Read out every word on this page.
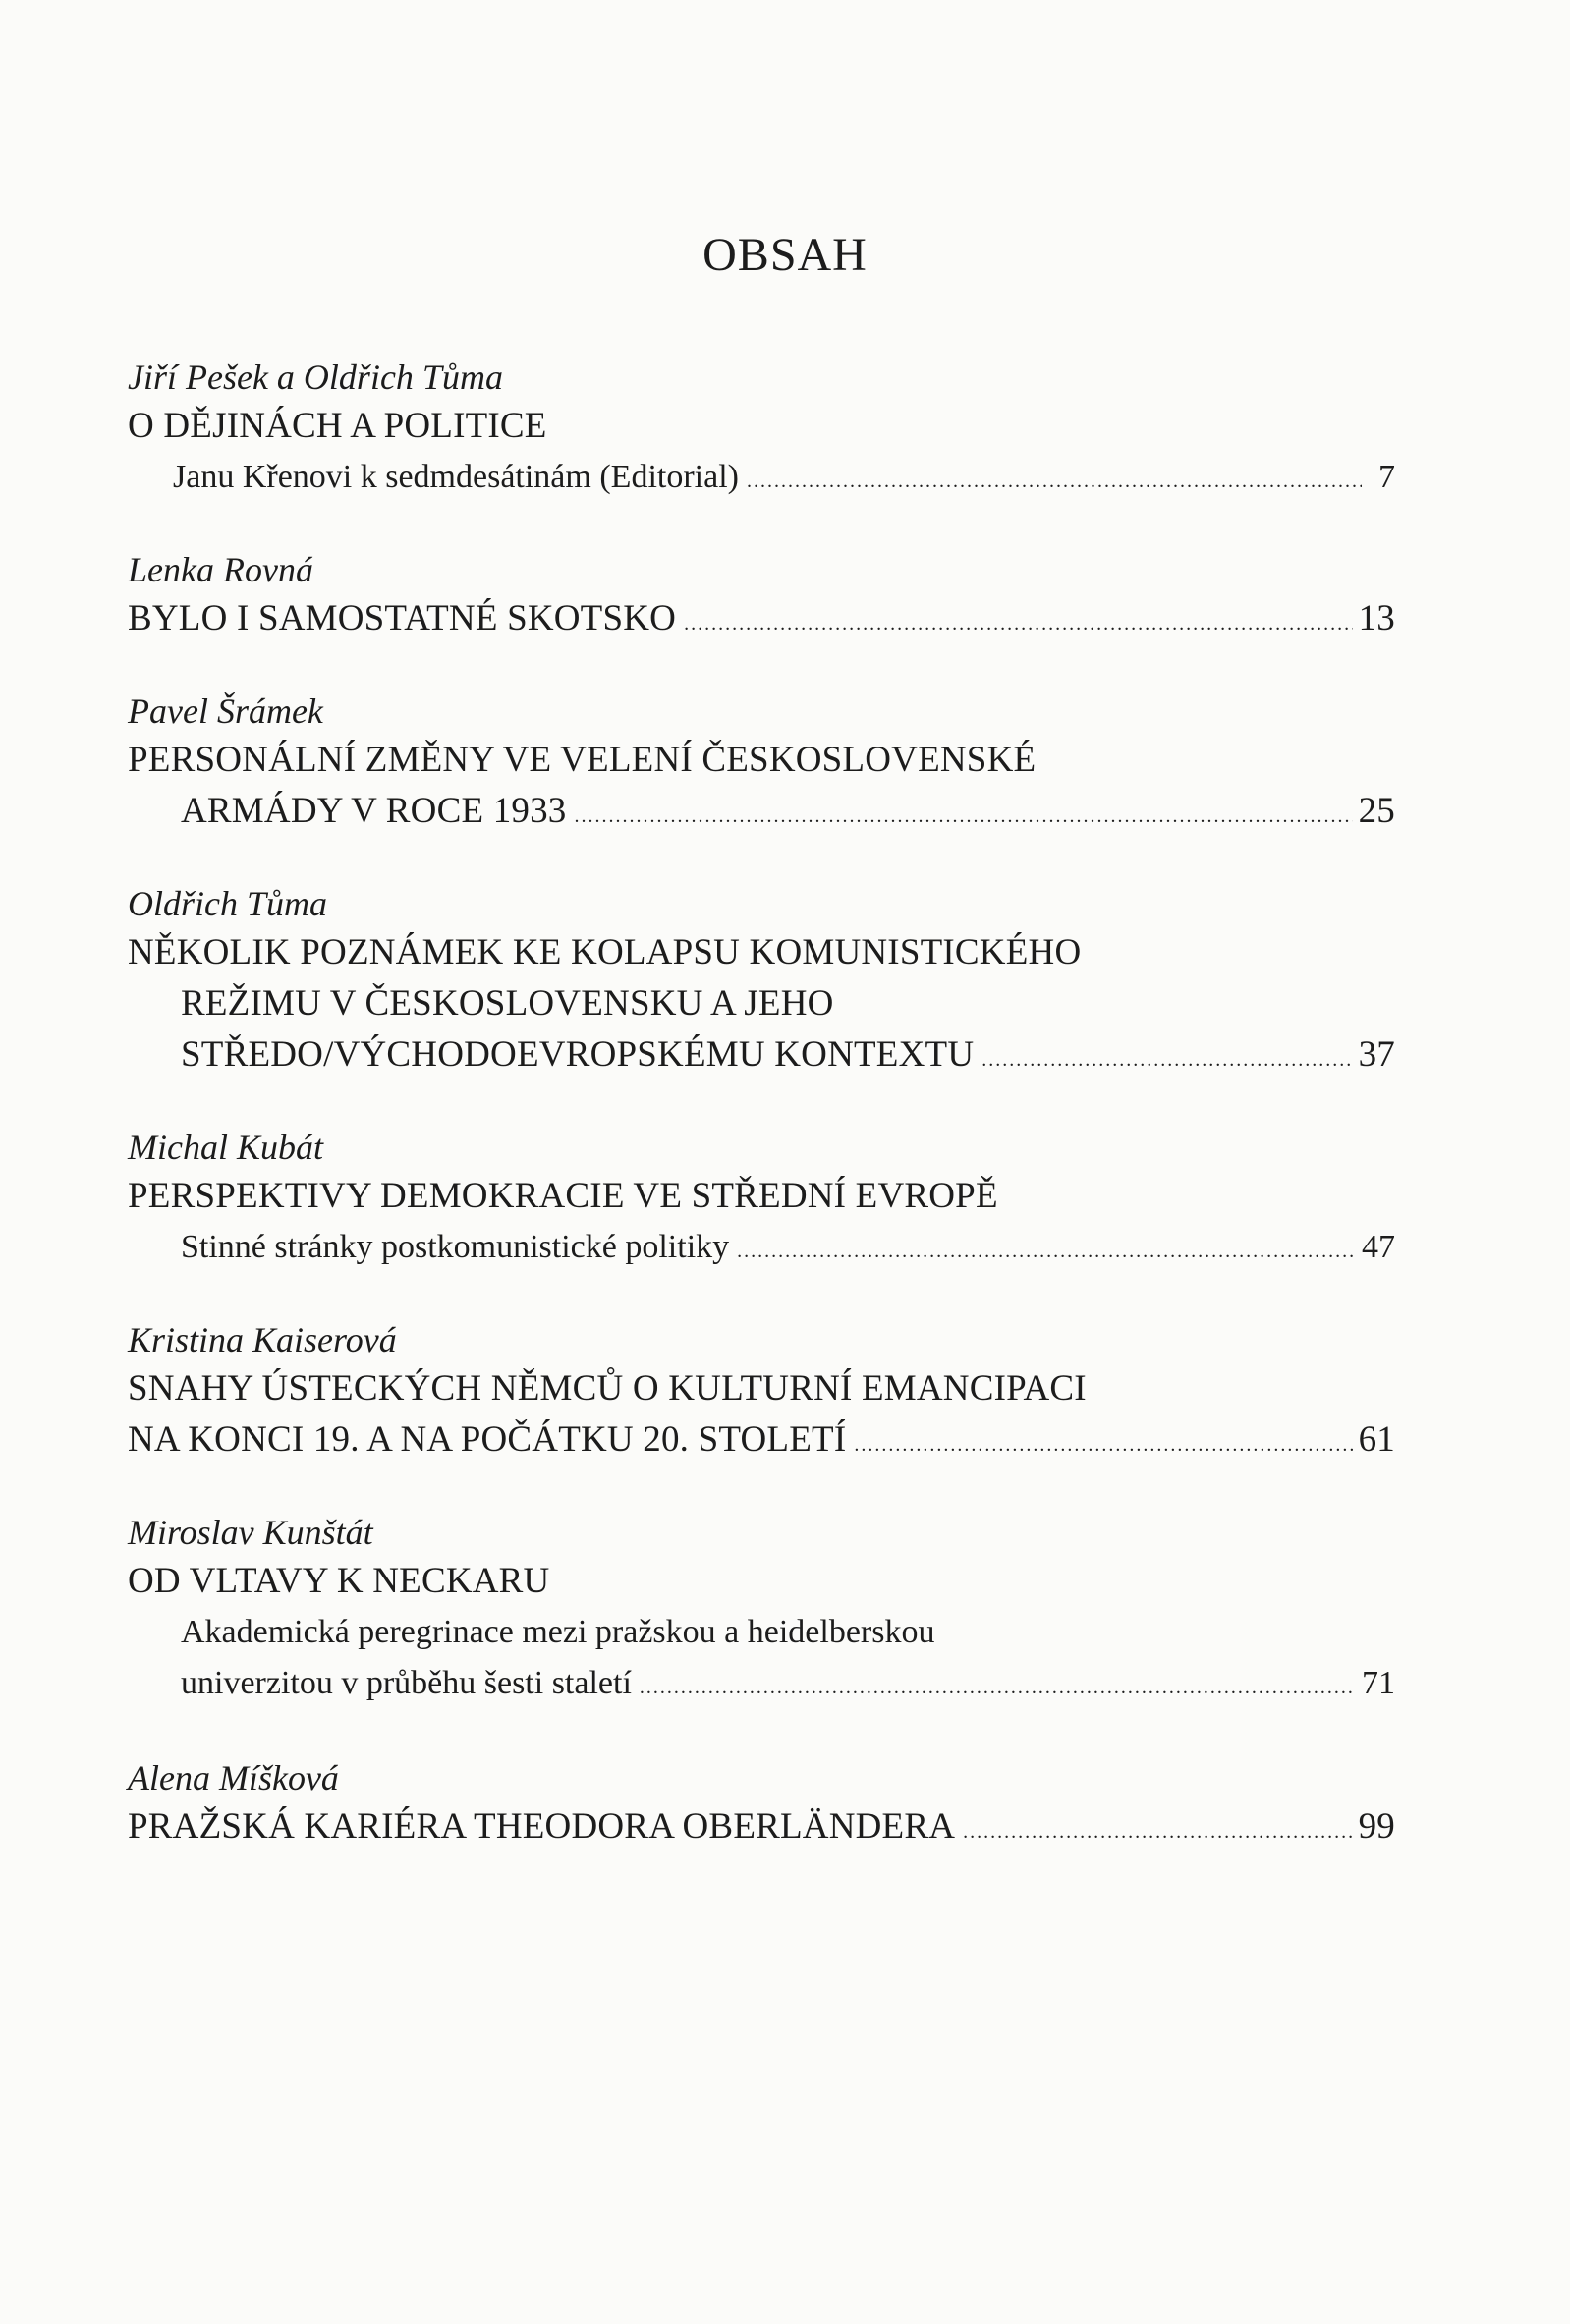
OBSAH
Jiří Pešek a Oldřich Tůma
O DĚJINÁCH A POLITICE
Janu Křenovi k sedmdesátinám (Editorial) .....	7
Lenka Rovná
BYLO I SAMOSTATNÉ SKOTSKO .....	13
Pavel Šrámek
PERSONÁLNÍ ZMĚNY VE VELENÍ ČESKOSLOVENSKÉ
ARMÁDY V ROCE 1933 .....	25
Oldřich Tůma
NĚKOLIK POZNÁMEK KE KOLAPSU KOMUNISTICKÉHO
REŽIMU V ČESKOSLOVENSKU A JEHO
STŘEDO/VÝCHODOEVROPSKÉMU KONTEXTU .....	37
Michal Kubát
PERSPEKTIVY DEMOKRACIE VE STŘEDNÍ EVROPĚ
Stinné stránky postkomunistické politiky .....	47
Kristina Kaiserová
SNAHY ÚSTECKÝCH NĚMCŮ O KULTURNÍ EMANCIPACI
NA KONCI 19. A NA POČÁTKU 20. STOLETÍ .....	61
Miroslav Kunštát
OD VLTAVY K NECKARU
Akademická peregrinace mezi pražskou a heidelberskou
univerzitou v průběhu šesti staletí .....	71
Alena Míšková
PRAŽSKÁ KARIÉRA THEODORA OBERLÄNDERA .....	99
